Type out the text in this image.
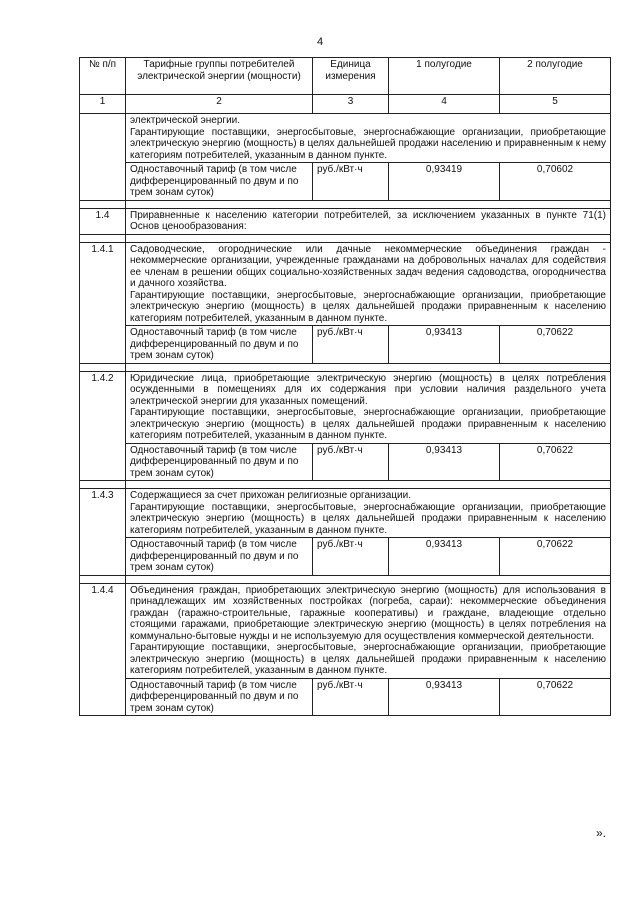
4
№ п/п	Тарифные группы потребителей электрической энергии (мощности)	Единица измерения	1 полугодие	2 полугодие
1	2	3	4	5

	электрической энергии.

Гарантирующие поставщики, энергосбытовые, энергоснабжающие организации, приобретающие электрическую энергию (мощность) в целях дальнейшей продажи населению и приравненным к нему категориям потребителей, указанным в данном пункте.			

	Одноставочный тариф (в том числе дифференцированный по двум и по трем зонам суток)	руб./кВт·ч	0,93419	0,70602

1.4	Приравненные к населению категории потребителей, за исключением указанных в пункте 71(1) Основ ценообразования:			

1.4.1	Садоводческие, огороднические или дачные некоммерческие объединения граждан - некоммерческие организации, учрежденные гражданами на добровольных началах для содействия ее членам в решении общих социально-хозяйственных задач ведения садоводства, огородничества и дачного хозяйства.

Гарантирующие поставщики, энергосбытовые, энергоснабжающие организации, приобретающие электрическую энергию (мощность) в целях дальнейшей продажи приравненным к населению категориям потребителей, указанным в данном пункте.			

	Одноставочный тариф (в том числе дифференцированный по двум и по трем зонам суток)	руб./кВт·ч	0,93413	0,70622

1.4.2	Юридические лица, приобретающие электрическую энергию (мощность) в целях потребления осужденными в помещениях для их содержания при условии наличия раздельного учета электрической энергии для указанных помещений.

Гарантирующие поставщики, энергосбытовые, энергоснабжающие организации, приобретающие электрическую энергию (мощность) в целях дальнейшей продажи приравненным к населению категориям потребителей, указанным в данном пункте.			

	Одноставочный тариф (в том числе дифференцированный по двум и по трем зонам суток)	руб./кВт·ч	0,93413	0,70622

1.4.3	Содержащиеся за счет прихожан религиозные организации.

Гарантирующие поставщики, энергосбытовые, энергоснабжающие организации, приобретающие электрическую энергию (мощность) в целях дальнейшей продажи приравненным к населению категориям потребителей, указанным в данном пункте.			

	Одноставочный тариф (в том числе дифференцированный по двум и по трем зонам суток)	руб./кВт·ч	0,93413	0,70622

1.4.4	Объединения граждан, приобретающих электрическую энергию (мощность) для использования в принадлежащих им хозяйственных постройках (погреба, сараи): некоммерческие объединения граждан (гаражно-строительные, гаражные кооперативы) и граждане, владеющие отдельно стоящими гаражами, приобретающие электрическую энергию (мощность) в целях потребления на коммунально-бытовые нужды и не используемую для осуществления коммерческой деятельности.

Гарантирующие поставщики, энергосбытовые, энергоснабжающие организации, приобретающие электрическую энергию (мощность) в целях дальнейшей продажи приравненным к населению категориям потребителей, указанным в данном пункте.			

	Одноставочный тариф (в том числе дифференцированный по двум и по трем зонам суток)	руб./кВт·ч	0,93413	0,70622
».
